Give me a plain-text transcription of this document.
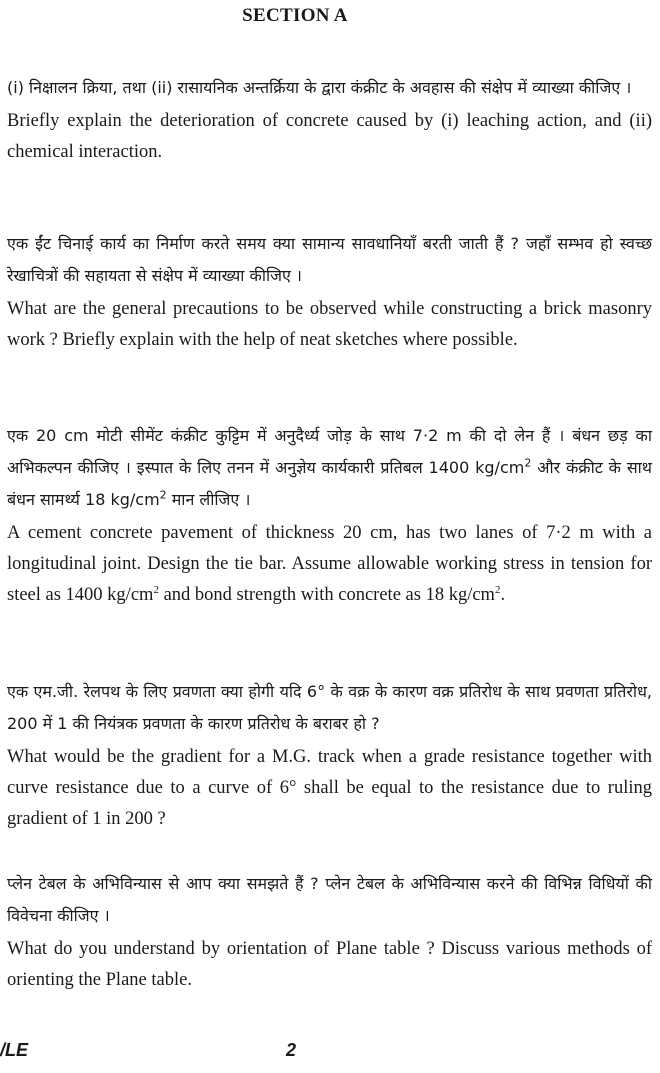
SECTION A

(i) निक्षालन क्रिया, तथा (ii) रासायनिक अन्तर्क्रिया के द्वारा कंक्रीट के अवहास की संक्षेप में व्याख्या कीजिए ।

Briefly explain the deterioration of concrete caused by (i) leaching action, and (ii) chemical interaction.

एक ईंट चिनाई कार्य का निर्माण करते समय क्या सामान्य सावधानियाँ बरती जाती हैं ? जहाँ सम्भव हो स्वच्छ रेखाचित्रों की सहायता से संक्षेप में व्याख्या कीजिए ।

What are the general precautions to be observed while constructing a brick masonry work ? Briefly explain with the help of neat sketches where possible.

एक 20 cm मोटी सीमेंट कंक्रीट कुट्टिम में अनुदैर्ध्य जोड़ के साथ 7·2 m की दो लेन हैं । बंधन छड़ का अभिकल्पन कीजिए । इस्पात के लिए तनन में अनुज्ञेय कार्यकारी प्रतिबल 1400 $kg/cm^2$ और कंक्रीट के साथ बंधन सामर्थ्य 18 $kg/cm^2$ मान लीजिए ।

A cement concrete pavement of thickness 20 cm, has two lanes of 7·2 m with a longitudinal joint. Design the tie bar. Assume allowable working stress in tension for steel as 1400 $kg/cm^2$ and bond strength with concrete as 18 $kg/cm^2$.

एक एम.जी. रेलपथ के लिए प्रवणता क्या होगी यदि 6° के वक्र के कारण वक्र प्रतिरोध के साथ प्रवणता प्रतिरोध, 200 में 1 की नियंत्रक प्रवणता के कारण प्रतिरोध के बराबर हो ?

What would be the gradient for a M.G. track when a grade resistance together with curve resistance due to a curve of 6° shall be equal to the resistance due to ruling gradient of 1 in 200 ?

प्लेन टेबल के अभिविन्यास से आप क्या समझते हैं ? प्लेन टेबल के अभिविन्यास करने की विभिन्न विधियों की विवेचना कीजिए ।

What do you understand by orientation of Plane table ? Discuss various methods of orienting the Plane table.

/LE	2
